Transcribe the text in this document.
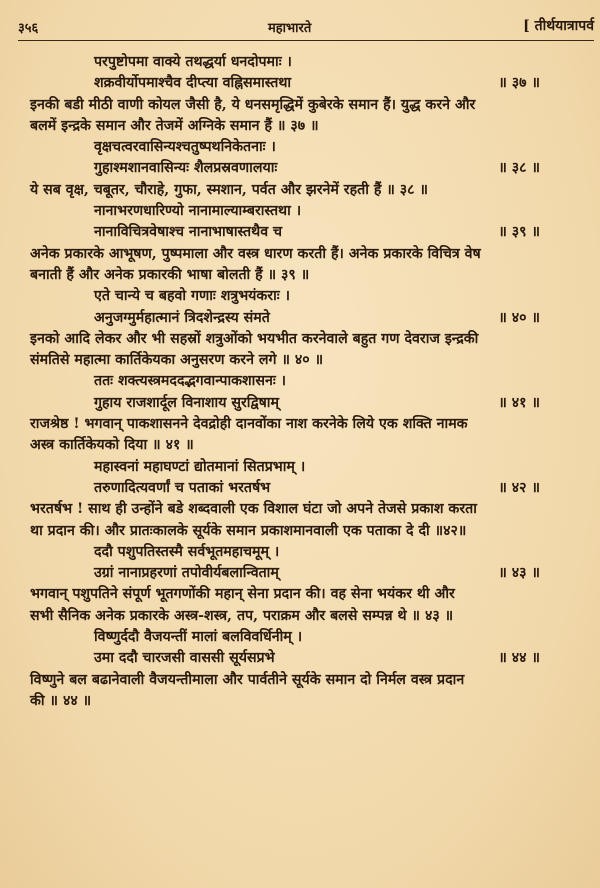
३५६	महाभारते	[ तीर्थयात्रापर्व
परपुष्टोपमा वाक्ये तथद्धर्या धनदोपमाः ।
शक्रवीर्योपमाश्चैव दीप्त्या वह्निसमास्तथा	॥ ३७ ॥
इनकी बडी मीठी वाणी कोयल जैसी है, ये धनसमृद्धिमें कुबेरके समान हैं। युद्ध करने और
बलमें इन्द्रके समान और तेजमें अग्निके समान हैं ॥ ३७ ॥
वृक्षचत्वरवासिन्यश्चतुष्पथनिकेतनाः ।
गुहाश्मशानवासिन्यः शैलप्रस्रवणालयाः	॥ ३८ ॥
ये सब वृक्ष, चबूतर, चौराहे, गुफा, स्मशान, पर्वत और झरनेमें रहती हैं ॥ ३८ ॥
नानाभरणधारिण्यो नानामाल्याम्बरास्तथा ।
नानाविचित्रवेषाश्च नानाभाषास्तथैव च	॥ ३९ ॥
अनेक प्रकारके आभूषण, पुष्पमाला और वस्त्र धारण करती हैं। अनेक प्रकारके विचित्र वेष
बनाती हैं और अनेक प्रकारकी भाषा बोलती हैं ॥ ३९ ॥
एते चान्ये च बहवो गणाः शत्रुभयंकराः ।
अनुजग्मुर्महात्मानं त्रिदशेन्द्रस्य संमते	॥ ४० ॥
इनको आदि लेकर और भी सहस्रों शत्रुओंको भयभीत करनेवाले बहुत गण देवराज इन्द्रकी
संमतिसे महात्मा कार्तिकेयका अनुसरण करने लगे ॥ ४० ॥
ततः शक्त्यस्त्रमददद्भगवान्पाकशासनः ।
गुहाय राजशार्दूल विनाशाय सुरद्विषाम्	॥ ४१ ॥
राजश्रेष्ठ ! भगवान् पाकशासनने देवद्रोही दानवोंका नाश करनेके लिये एक शक्ति नामक
अस्त्र कार्तिकेयको दिया ॥ ४१ ॥
महास्वनां महाघण्टां द्योतमानां सितप्रभाम् ।
तरुणादित्यवर्णां च पताकां भरतर्षभ	॥ ४२ ॥
भरतर्षभ ! साथ ही उन्होंने बडे शब्दवाली एक विशाल घंटा जो अपने तेजसे प्रकाश करता
था प्रदान की। और प्रातःकालके सूर्यके समान प्रकाशमानवाली एक पताका दे दी ॥४२॥
ददौ पशुपतिस्तस्मै सर्वभूतमहाचमूम् ।
उग्रां नानाप्रहरणां तपोवीर्यबलान्विताम्	॥ ४३ ॥
भगवान् पशुपतिने संपूर्ण भूतगणोंकी महान् सेना प्रदान की। वह सेना भयंकर थी और
सभी सैनिक अनेक प्रकारके अस्त्र-शस्त्र, तप, पराक्रम और बलसे सम्पन्न थे ॥ ४३ ॥
विष्णुर्ददौ वैजयन्तीं मालां बलविवर्धिनीम् ।
उमा ददौ चारजसी वाससी सूर्यसप्रभे	॥ ४४ ॥
विष्णुने बल बढानेवाली वैजयन्तीमाला और पार्वतीने सूर्यके समान दो निर्मल वस्त्र प्रदान
की ॥ ४४ ॥
